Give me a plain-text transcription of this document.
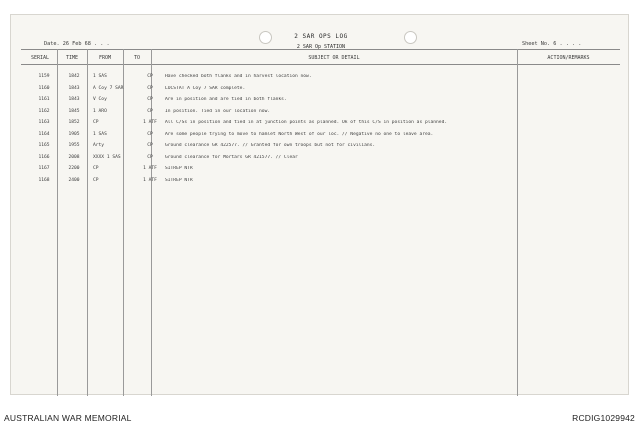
Date. 26 Feb 68 . . .
2 SAR OPS LOG
2 SAR Op STATION	Sheet No. 6 . . . .
SERIAL	TIME	FROM	TO	SUBJECT OR DETAIL	ACTION/REMARKS
1159	1842	1 SAS	CP	Have checked both flanks and in harvest location now.
1160	1843	A Coy 7 SAR	CP	LOCSTAT A Coy 7 SAR complete.
1161	1843	V Coy	CP	Are in position and are tied in both flanks.
1162	1845	1 ARO	CP	In position. Tied in our location now.
1163	1852	CP	1 ATF	All C/Ss in position and tied in at junction points as planned. Ok of this C/S in position as planned.
1164	1905	1 SAS	CP	Are some people trying to move to hamlet North West of our loc. // Negative no one to leave area.
1165	1955	Arty	CP	Ground clearance GR 422577. // Granted for own troops but not for civilians.
1166	2008	XXXX 1 SAS	CP	Ground clearance for Mortars GR 421577. // Clear
1167	2200	CP	1 ATF	SITREP NTR
1168	2400	CP	1 ATF	SITREP NTR
AUSTRALIAN WAR MEMORIAL	RCDIG1029942
